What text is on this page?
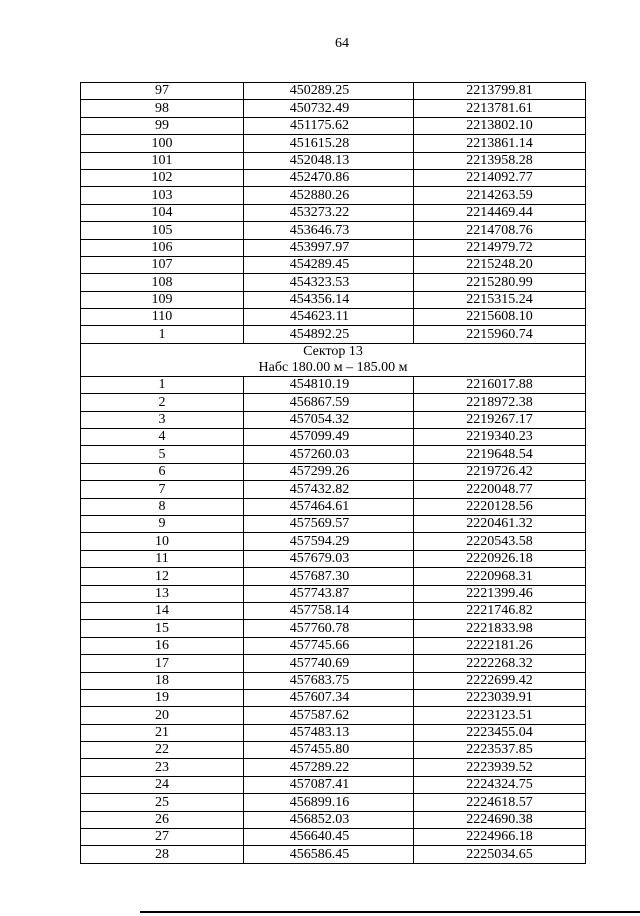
64
97	450289.25	2213799.81
98	450732.49	2213781.61
99	451175.62	2213802.10
100	451615.28	2213861.14
101	452048.13	2213958.28
102	452470.86	2214092.77
103	452880.26	2214263.59
104	453273.22	2214469.44
105	453646.73	2214708.76
106	453997.97	2214979.72
107	454289.45	2215248.20
108	454323.53	2215280.99
109	454356.14	2215315.24
110	454623.11	2215608.10
1	454892.25	2215960.74

Сектор 13
Набс 180.00 м – 185.00 м		

1	454810.19	2216017.88
2	456867.59	2218972.38
3	457054.32	2219267.17
4	457099.49	2219340.23
5	457260.03	2219648.54
6	457299.26	2219726.42
7	457432.82	2220048.77
8	457464.61	2220128.56
9	457569.57	2220461.32
10	457594.29	2220543.58
11	457679.03	2220926.18
12	457687.30	2220968.31
13	457743.87	2221399.46
14	457758.14	2221746.82
15	457760.78	2221833.98
16	457745.66	2222181.26
17	457740.69	2222268.32
18	457683.75	2222699.42
19	457607.34	2223039.91
20	457587.62	2223123.51
21	457483.13	2223455.04
22	457455.80	2223537.85
23	457289.22	2223939.52
24	457087.41	2224324.75
25	456899.16	2224618.57
26	456852.03	2224690.38
27	456640.45	2224966.18
28	456586.45	2225034.65
